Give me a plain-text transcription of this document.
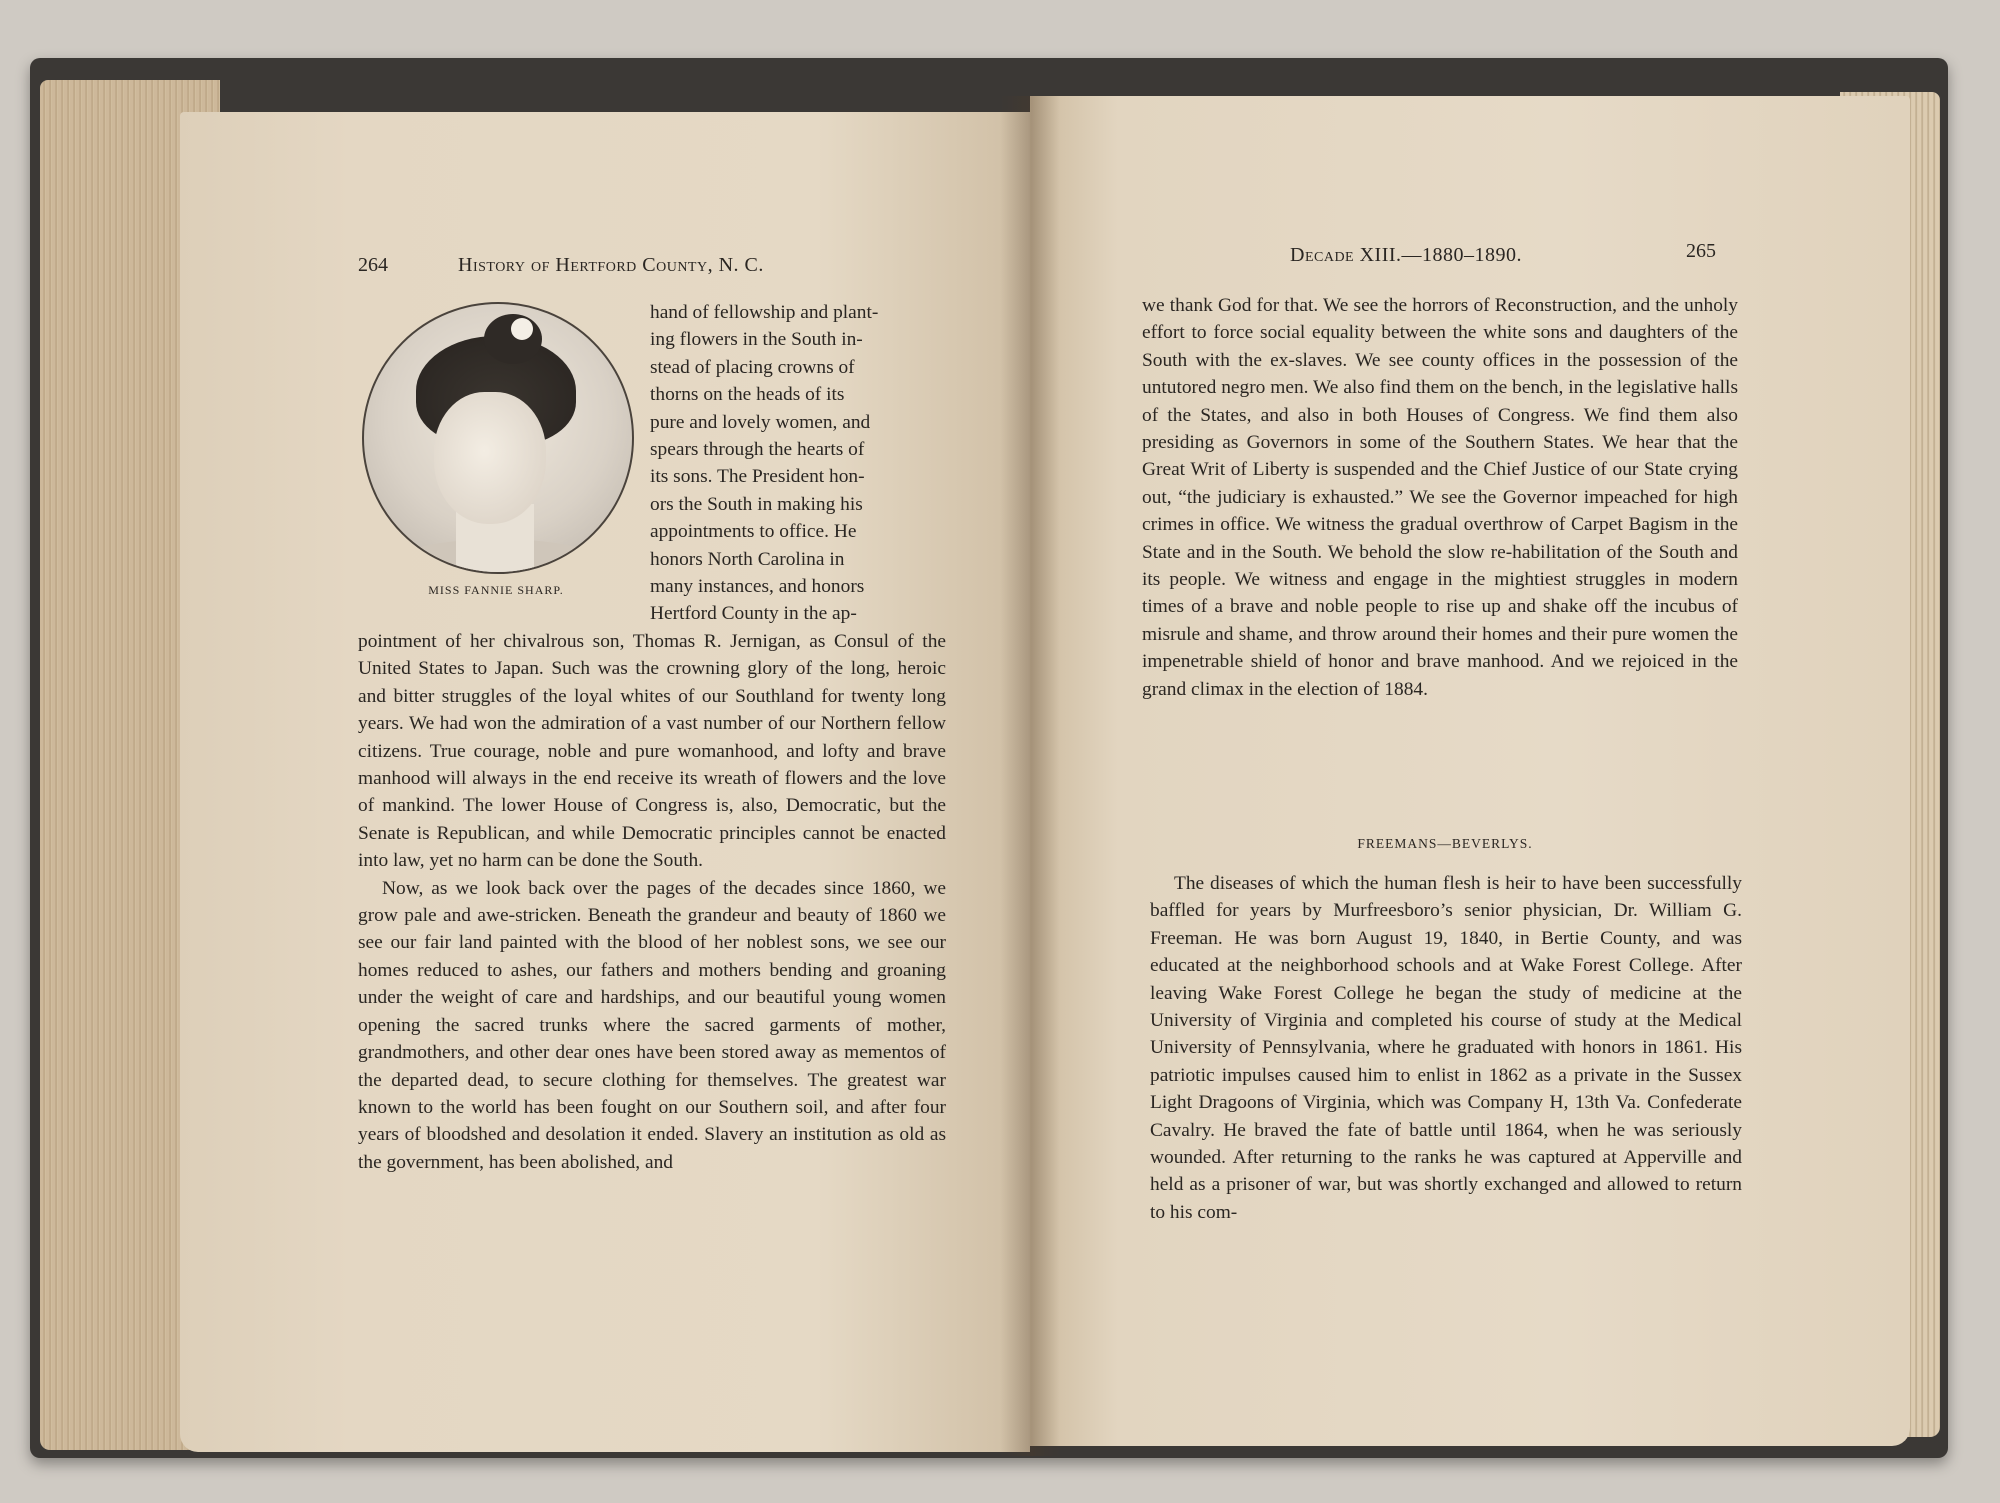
264	History of Hertford County, N. C.
MISS FANNIE SHARP.
hand of fellowship and plant-
ing flowers in the South in-
stead of placing crowns of
thorns on the heads of its
pure and lovely women, and
spears through the hearts of
its sons. The President hon-
ors the South in making his
appointments to office. He
honors North Carolina in
many instances, and honors
Hertford County in the ap-

pointment of her chivalrous son, Thomas R. Jernigan, as Consul of the United States to Japan. Such was the crowning glory of the long, heroic and bitter struggles of the loyal whites of our Southland for twenty long years. We had won the admiration of a vast number of our Northern fellow citizens. True courage, noble and pure womanhood, and lofty and brave manhood will always in the end receive its wreath of flowers and the love of mankind. The lower House of Congress is, also, Democratic, but the Senate is Republican, and while Democratic principles cannot be enacted into law, yet no harm can be done the South.

Now, as we look back over the pages of the decades since 1860, we grow pale and awe-stricken. Beneath the grandeur and beauty of 1860 we see our fair land painted with the blood of her noblest sons, we see our homes reduced to ashes, our fathers and mothers bending and groaning under the weight of care and hardships, and our beautiful young women opening the sacred trunks where the sacred garments of mother, grandmothers, and other dear ones have been stored away as mementos of the departed dead, to secure clothing for themselves. The greatest war known to the world has been fought on our Southern soil, and after four years of bloodshed and desolation it ended. Slavery an institution as old as the government, has been abolished, and

Decade XIII.—1880–1890.	265

we thank God for that. We see the horrors of Reconstruction, and the unholy effort to force social equality between the white sons and daughters of the South with the ex-slaves. We see county offices in the possession of the untutored negro men. We also find them on the bench, in the legislative halls of the States, and also in both Houses of Congress. We find them also presiding as Governors in some of the Southern States. We hear that the Great Writ of Liberty is suspended and the Chief Justice of our State crying out, “the judiciary is exhausted.” We see the Governor impeached for high crimes in office. We witness the gradual overthrow of Carpet Bagism in the State and in the South. We behold the slow re-habilitation of the South and its people. We witness and engage in the mightiest struggles in modern times of a brave and noble people to rise up and shake off the incubus of misrule and shame, and throw around their homes and their pure women the impenetrable shield of honor and brave manhood. And we rejoiced in the grand climax in the election of 1884.

FREEMANS—BEVERLYS.

The diseases of which the human flesh is heir to have been successfully baffled for years by Murfreesboro’s senior physician, Dr. William G. Freeman. He was born August 19, 1840, in Bertie County, and was educated at the neighborhood schools and at Wake Forest College. After leaving Wake Forest College he began the study of medicine at the University of Virginia and completed his course of study at the Medical University of Pennsylvania, where he graduated with honors in 1861. His patriotic impulses caused him to enlist in 1862 as a private in the Sussex Light Dragoons of Virginia, which was Company H, 13th Va. Confederate Cavalry. He braved the fate of battle until 1864, when he was seriously wounded. After returning to the ranks he was captured at Apperville and held as a prisoner of war, but was shortly exchanged and allowed to return to his com-
